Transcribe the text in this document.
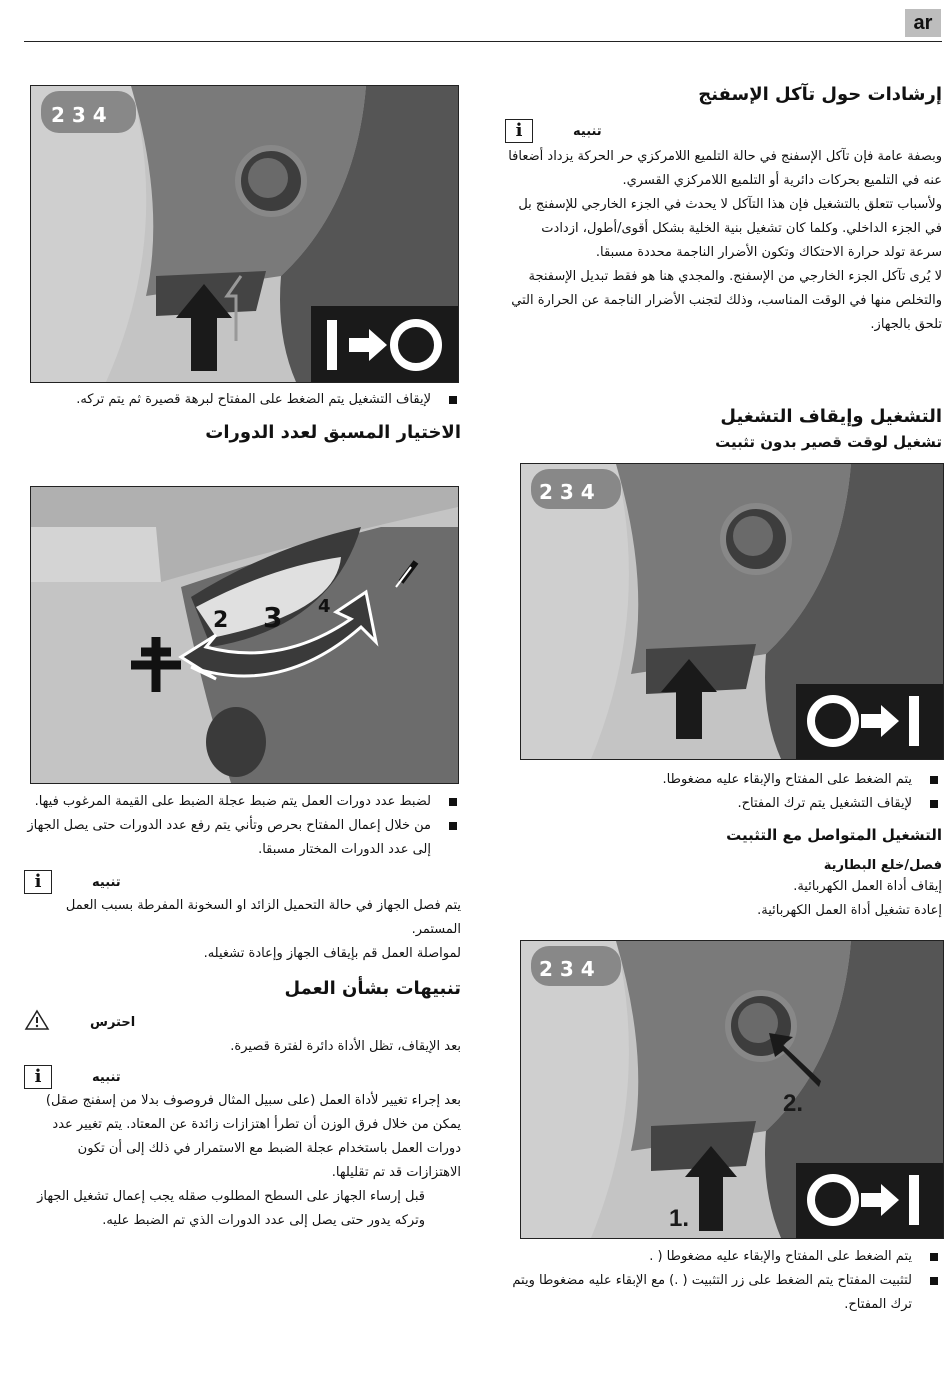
ar
إرشادات حول تآكل الإسفنج
i	تنبيه

وبصفة عامة فإن تآكل الإسفنج في حالة التلميع اللامركزي حر الحركة يزداد أضعافا عنه في التلميع بحركات دائرية أو التلميع اللامركزي القسري.

ولأسباب تتعلق بالتشغيل فإن هذا التآكل لا يحدث في الجزء الخارجي للإسفنج بل في الجزء الداخلي. وكلما كان تشغيل بنية الخلية بشكل أقوى/أطول، ازدادت سرعة تولد حرارة الاحتكاك وتكون الأضرار الناجمة محددة مسبقا.

لا يُرى تآكل الجزء الخارجي من الإسفنج. والمجدي هنا هو فقط تبديل الإسفنجة والتخلص منها في الوقت المناسب، وذلك لتجنب الأضرار الناجمة عن الحرارة التي تلحق بالجهاز.

التشغيل وإيقاف التشغيل
تشغيل لوقت قصير بدون تثبيت
2 3 4
يتم الضغط على المفتاح والإبقاء عليه مضغوطا.
لإيقاف التشغيل يتم ترك المفتاح.
التشغيل المتواصل مع التثبيت
فصل/خلع البطارية

إيقاف أداة العمل الكهربائية.

إعادة تشغيل أداة العمل الكهربائية.

2 3 4
1.
2.
يتم الضغط على المفتاح والإبقاء عليه مضغوطا ( .
لتثبيت المفتاح يتم الضغط على زر التثبيت ( .) مع الإبقاء عليه مضغوطا ويتم ترك المفتاح.
2 3 4
لإيقاف التشغيل يتم الضغط على المفتاح لبرهة قصيرة ثم يتم تركه.
الاختيار المسبق لعدد الدورات
2 3 4
لضبط عدد دورات العمل يتم ضبط عجلة الضبط على القيمة المرغوب فيها.
من خلال إعمال المفتاح بحرص وتأني يتم رفع عدد الدورات حتى يصل الجهاز إلى عدد الدورات المختار مسبقا.
i	تنبيه

يتم فصل الجهاز في حالة التحميل الزائد او السخونة المفرطة بسبب العمل المستمر.

لمواصلة العمل قم بإيقاف الجهاز وإعادة تشغيله.

تنبيهات بشأن العمل
احترس

بعد الإيقاف، تظل الأداة دائرة لفترة قصيرة.

i	تنبيه

بعد إجراء تغيير لأداة العمل (على سبيل المثال فروصوف بدلا من إسفنج صقل) يمكن من خلال فرق الوزن أن تطرأ اهتزازات زائدة عن المعتاد. يتم تغيير عدد دورات العمل باستخدام عجلة الضبط مع الاستمرار في ذلك إلى أن تكون الاهتزازات قد تم تقليلها.

قبل إرساء الجهاز على السطح المطلوب صقله يجب إعمال تشغيل الجهاز وتركه يدور حتى يصل إلى عدد الدورات الذي تم الضبط عليه.
